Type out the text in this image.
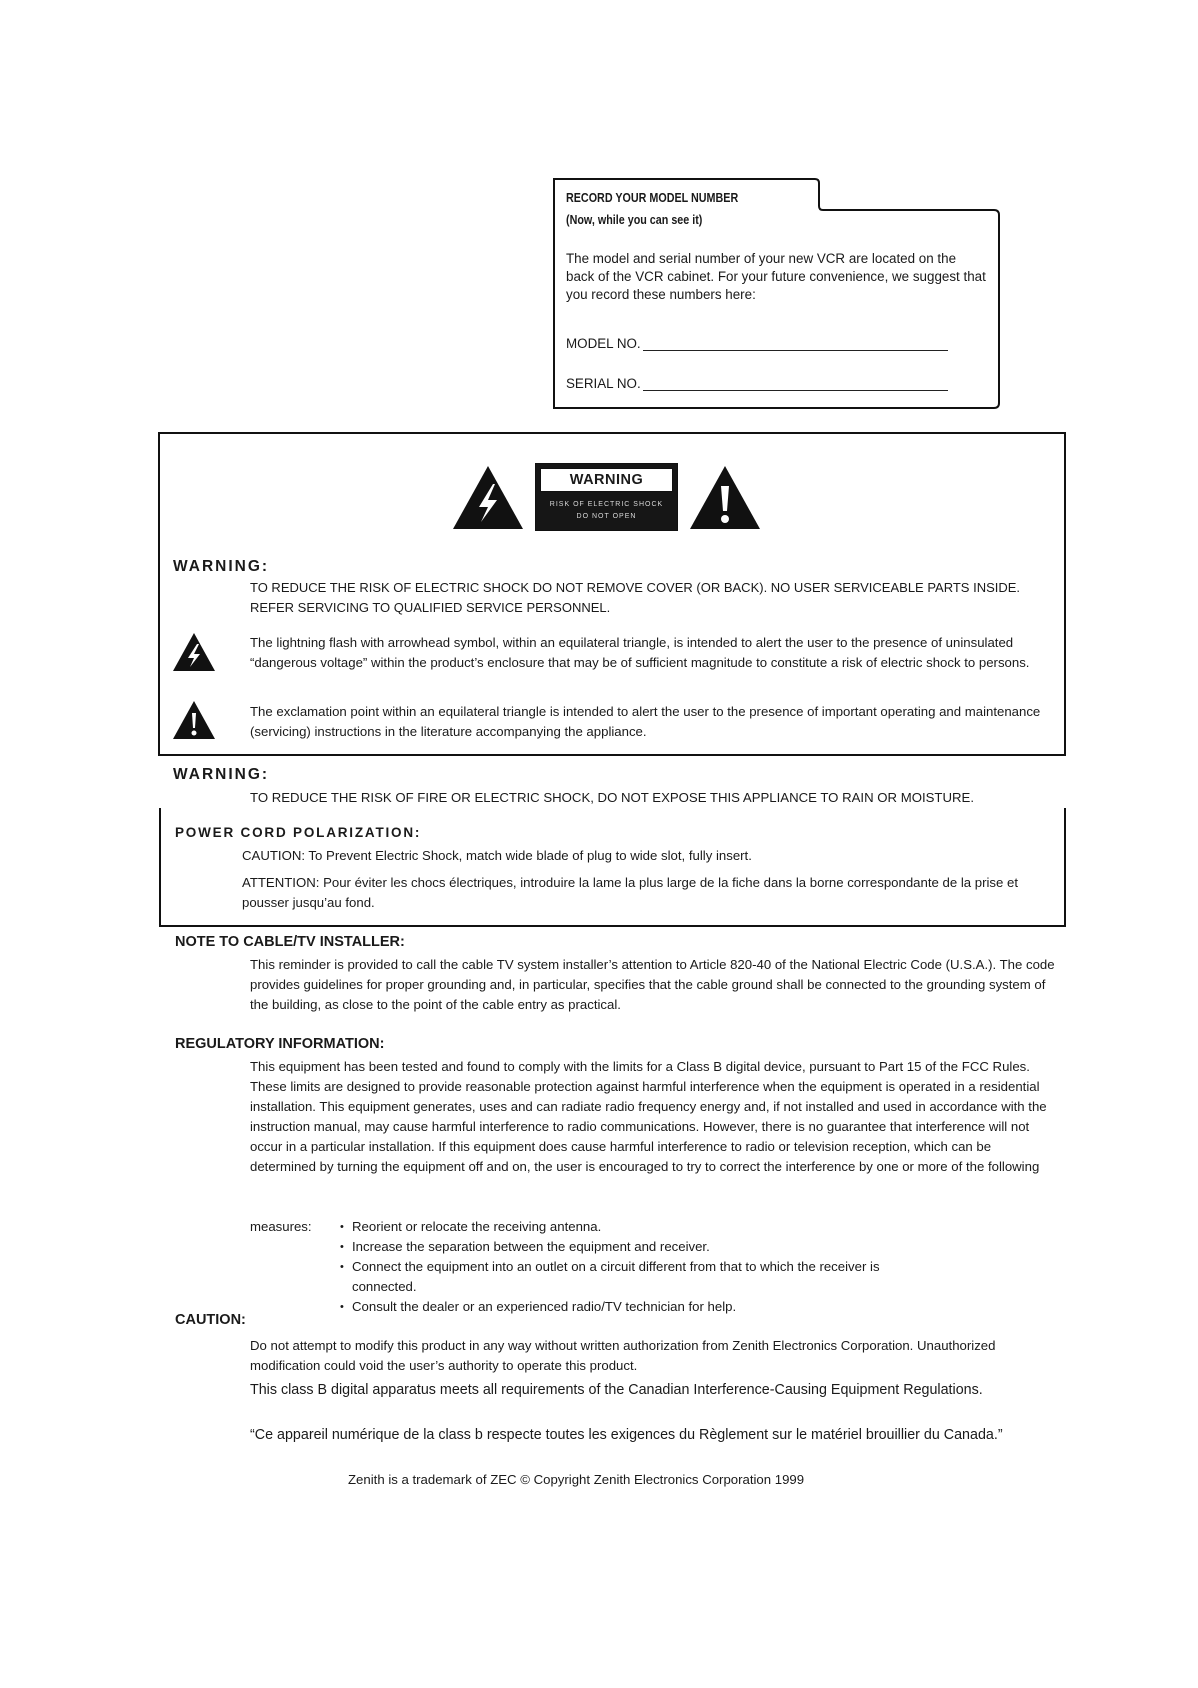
RECORD YOUR MODEL NUMBER
(Now, while you can see it)
The model and serial number of your new VCR are located on the back of the VCR cabinet. For your future convenience, we suggest that you record these numbers here:
MODEL NO.
SERIAL NO.
WARNING
RISK OF ELECTRIC SHOCK
DO NOT OPEN
WARNING:
TO REDUCE THE RISK OF ELECTRIC SHOCK DO NOT REMOVE COVER (OR BACK). NO USER SERVICEABLE PARTS INSIDE. REFER SERVICING TO QUALIFIED SERVICE PERSONNEL.
The lightning flash with arrowhead symbol, within an equilateral triangle, is intended to alert the user to the presence of uninsulated “dangerous voltage” within the product’s enclosure that may be of sufficient magnitude to constitute a risk of electric shock to persons.
The exclamation point within an equilateral triangle is intended to alert the user to the presence of important operating and maintenance (servicing) instructions in the literature accompanying the appliance.
WARNING:
TO REDUCE THE RISK OF FIRE OR ELECTRIC SHOCK, DO NOT EXPOSE THIS APPLIANCE TO RAIN OR MOISTURE.
POWER CORD POLARIZATION:
CAUTION: To Prevent Electric Shock, match wide blade of plug to wide slot, fully insert.
ATTENTION: Pour éviter les chocs électriques, introduire la lame la plus large de la fiche dans la borne correspondante de la prise et pousser jusqu’au fond.
NOTE TO CABLE/TV INSTALLER:
This reminder is provided to call the cable TV system installer’s attention to Article 820-40 of the National Electric Code (U.S.A.). The code provides guidelines for proper grounding and, in particular, specifies that the cable ground shall be connected to the grounding system of the building, as close to the point of the cable entry as practical.
REGULATORY INFORMATION:
This equipment has been tested and found to comply with the limits for a Class B digital device, pursuant to Part 15 of the FCC Rules. These limits are designed to provide reasonable protection against harmful interference when the equipment is operated in a residential installation. This equipment generates, uses and can radiate radio frequency energy and, if not installed and used in accordance with the instruction manual, may cause harmful interference to radio communications. However, there is no guarantee that interference will not occur in a particular installation. If this equipment does cause harmful interference to radio or television reception, which can be determined by turning the equipment off and on, the user is encouraged to try to correct the interference by one or more of the following
measures:
•	Reorient or relocate the receiving antenna.
• Increase the separation between the equipment and receiver.
• Connect the equipment into an outlet on a circuit different from that to which the receiver is
connected.
• Consult the dealer or an experienced radio/TV technician for help.
CAUTION:
Do not attempt to modify this product in any way without written authorization from Zenith Electronics Corporation. Unauthorized modification could void the user’s authority to operate this product.
This class B digital apparatus meets all requirements of the Canadian Interference-Causing Equipment Regulations.
“Ce appareil numérique de la class b respecte toutes les exigences du Règlement sur le matériel brouillier du Canada.”
Zenith is a trademark of ZEC © Copyright Zenith Electronics Corporation 1999
